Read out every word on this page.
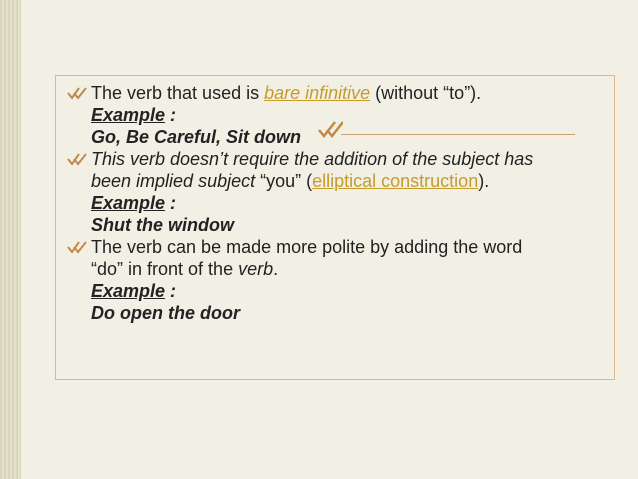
The verb that used is bare infinitive (without “to”).
Example :
Go, Be Careful, Sit down
This verb doesn’t require the addition of the subject has
been implied subject “you” (elliptical construction).
Example :
Shut the window
The verb can be made more polite by adding the word
“do” in front of the verb.
Example :
Do open the door
